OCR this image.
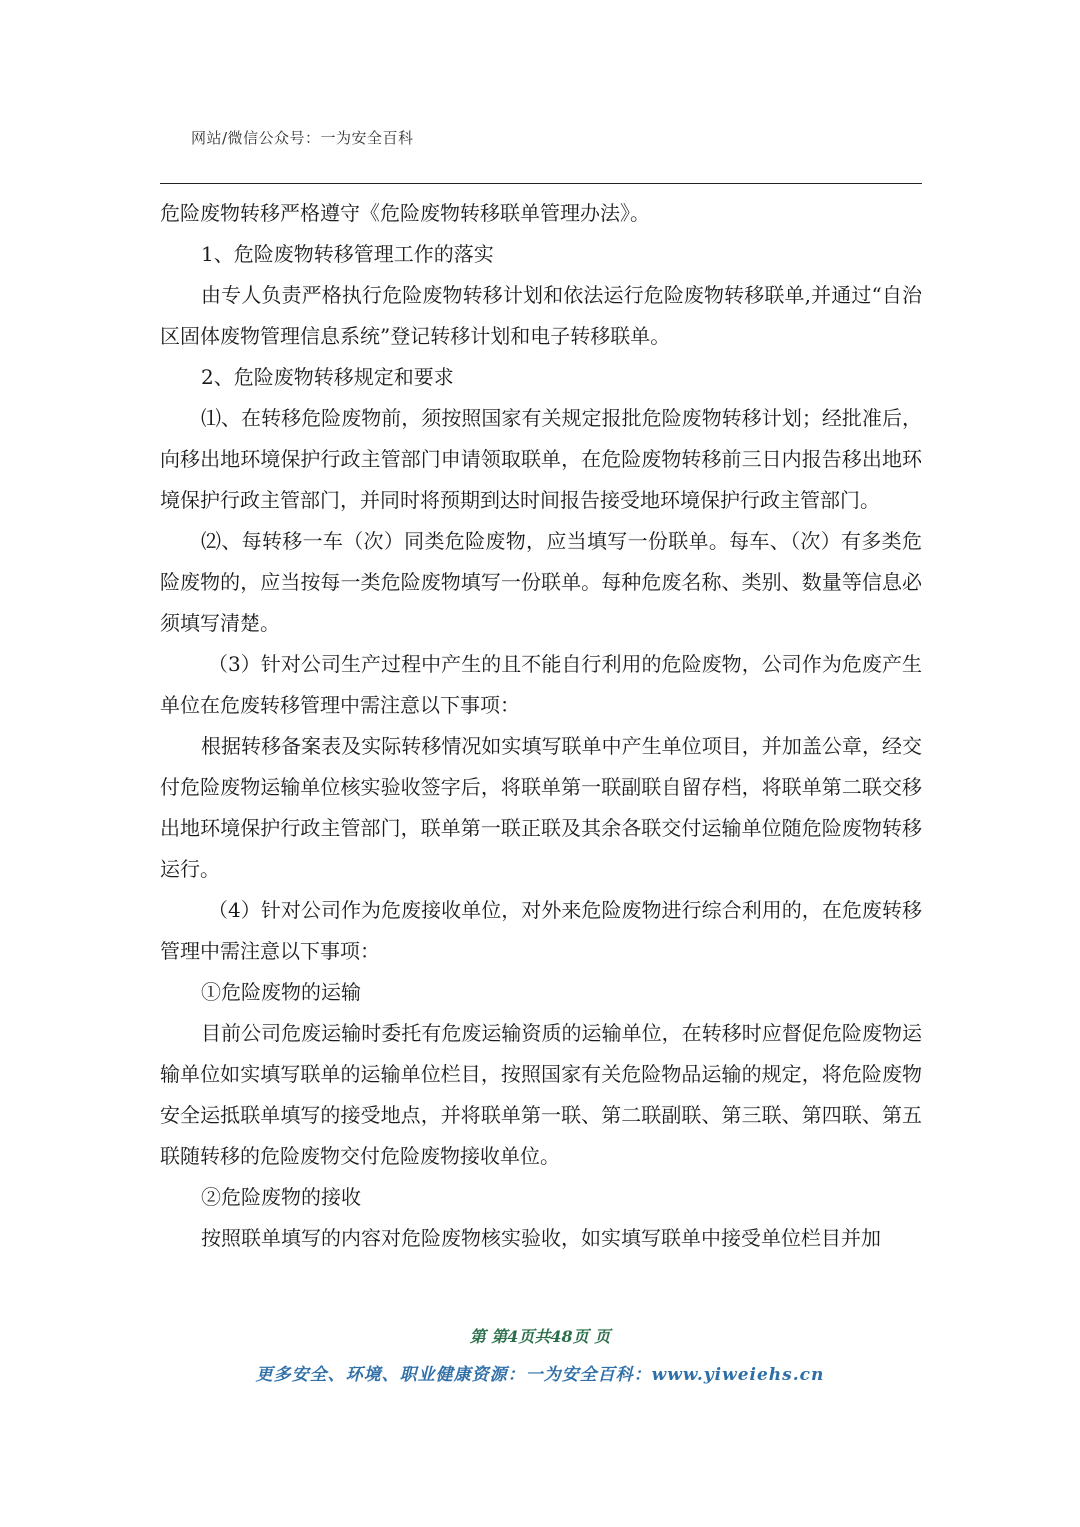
网站/微信公众号：一为安全百科

危险废物转移严格遵守《危险废物转移联单管理办法》。

1、危险废物转移管理工作的落实

由专人负责严格执行危险废物转移计划和依法运行危险废物转移联单,并通过“自治区固体废物管理信息系统”登记转移计划和电子转移联单。

2、危险废物转移规定和要求

⑴、在转移危险废物前，须按照国家有关规定报批危险废物转移计划；经批准后，向移出地环境保护行政主管部门申请领取联单，在危险废物转移前三日内报告移出地环境保护行政主管部门，并同时将预期到达时间报告接受地环境保护行政主管部门。

⑵、每转移一车（次）同类危险废物，应当填写一份联单。每车、（次）有多类危险废物的，应当按每一类危险废物填写一份联单。每种危废名称、类别、数量等信息必须填写清楚。

（3）针对公司生产过程中产生的且不能自行利用的危险废物，公司作为危废产生单位在危废转移管理中需注意以下事项：

根据转移备案表及实际转移情况如实填写联单中产生单位项目，并加盖公章，经交付危险废物运输单位核实验收签字后，将联单第一联副联自留存档，将联单第二联交移出地环境保护行政主管部门，联单第一联正联及其余各联交付运输单位随危险废物转移运行。

（4）针对公司作为危废接收单位，对外来危险废物进行综合利用的，在危废转移管理中需注意以下事项：

①危险废物的运输

目前公司危废运输时委托有危废运输资质的运输单位，在转移时应督促危险废物运输单位如实填写联单的运输单位栏目，按照国家有关危险物品运输的规定，将危险废物安全运抵联单填写的接受地点，并将联单第一联、第二联副联、第三联、第四联、第五联随转移的危险废物交付危险废物接收单位。

②危险废物的接收

按照联单填写的内容对危险废物核实验收，如实填写联单中接受单位栏目并加

第 第4页共48页 页
更多安全、环境、职业健康资源：一为安全百科：www.yiweiehs.cn
